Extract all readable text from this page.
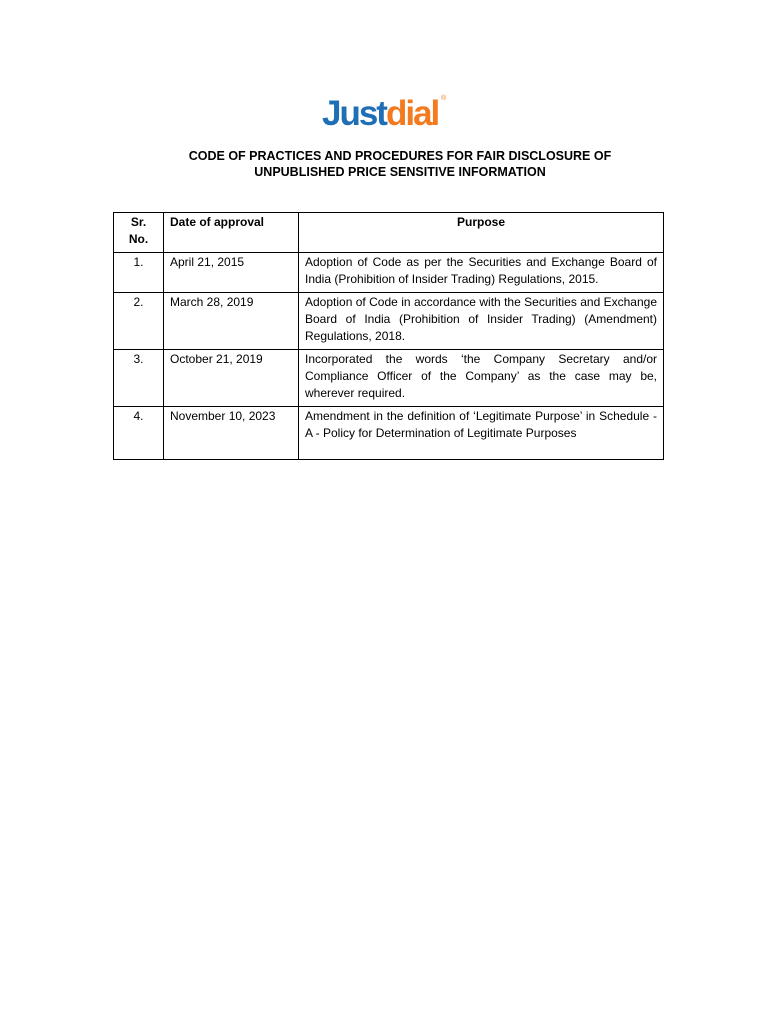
Justdial ®
CODE OF PRACTICES AND PROCEDURES FOR FAIR DISCLOSURE OF
UNPUBLISHED PRICE SENSITIVE INFORMATION
Sr. No.	Date of approval	Purpose
1.	April 21, 2015	Adoption of Code as per the Securities and Exchange Board of India (Prohibition of Insider Trading) Regulations, 2015.
2.	March 28, 2019	Adoption of Code in accordance with the Securities and Exchange Board of India (Prohibition of Insider Trading) (Amendment) Regulations, 2018.
3.	October 21, 2019	Incorporated the words ‘the Company Secretary and/or Compliance Officer of the Company’ as the case may be, wherever required.
4.	November 10, 2023	Amendment in the definition of ‘Legitimate Purpose’ in Schedule - A - Policy for Determination of Legitimate Purposes
